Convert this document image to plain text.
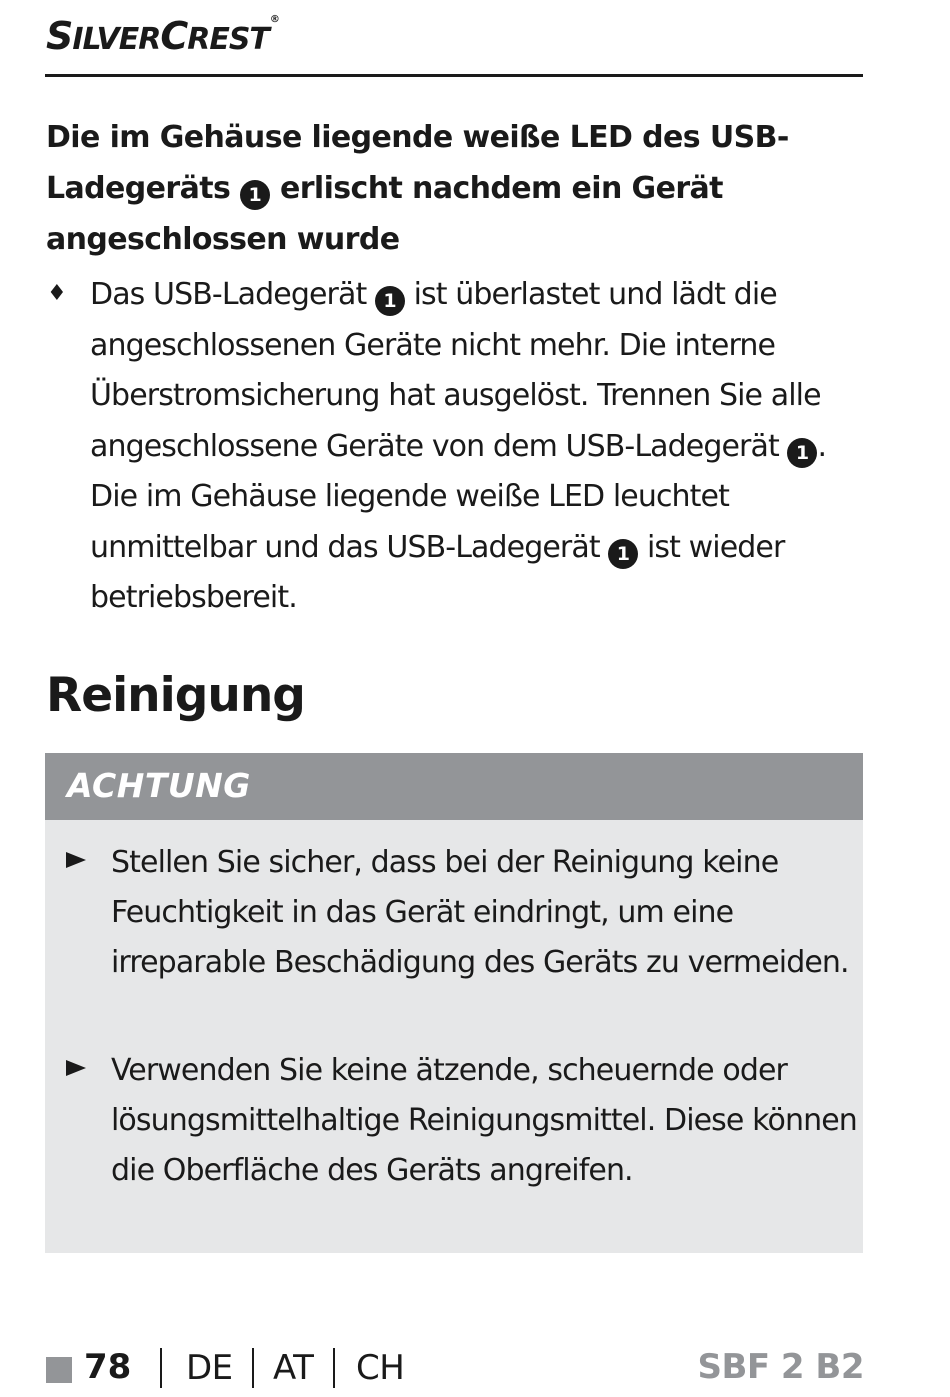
SILVERCREST®
Die im Gehäuse liegende weiße LED des USB-Ladegeräts 1 erlischt nachdem ein Gerät angeschlossen wurde
♦ Das USB-Ladegerät 1 ist überlastet und lädt die angeschlossenen Geräte nicht mehr. Die interne Überstromsicherung hat ausgelöst. Trennen Sie alle angeschlossene Geräte von dem USB-Ladegerät 1 . Die im Gehäuse liegende weiße LED leuchtet unmittelbar und das USB-Ladegerät 1 ist wieder betriebsbereit.
Reinigung
ACHTUNG
Stellen Sie sicher, dass bei der Reinigung keine Feuchtigkeit in das Gerät eindringt, um eine irreparable Beschädigung des Geräts zu vermeiden.
Verwenden Sie keine ätzende, scheuernde oder lösungsmittelhaltige Reinigungsmittel. Diese können die Oberfläche des Geräts angreifen.
78 DE AT CH	SBF 2 B2
